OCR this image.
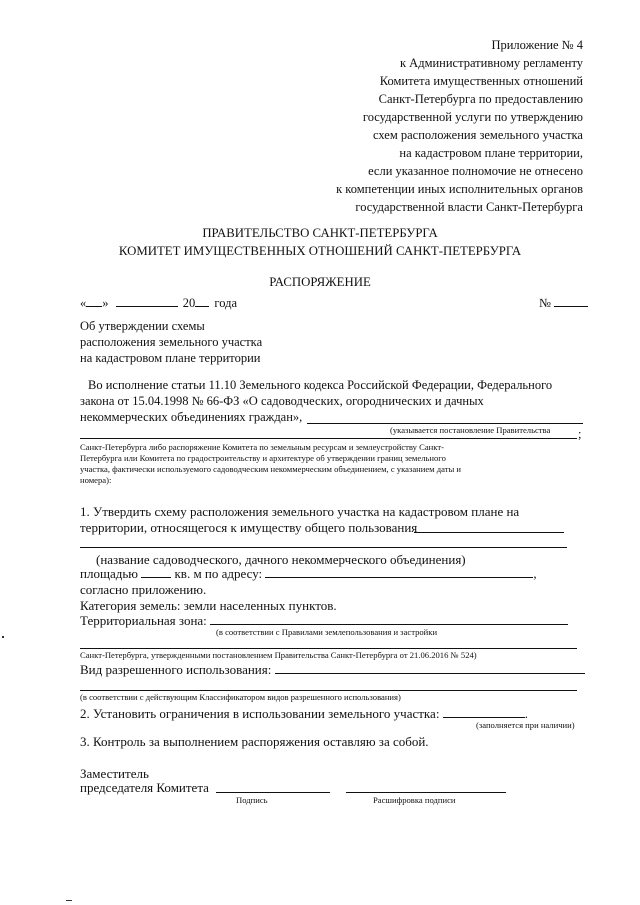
Приложение № 4
к Административному регламенту
Комитета имущественных отношений
Санкт-Петербурга по предоставлению
государственной услуги по утверждению
схем расположения земельного участка
на кадастровом плане территории,
если указанное полномочие не отнесено
к компетенции иных исполнительных органов
государственной власти Санкт-Петербурга
ПРАВИТЕЛЬСТВО САНКТ-ПЕТЕРБУРГА
КОМИТЕТ ИМУЩЕСТВЕННЫХ ОТНОШЕНИЙ САНКТ-ПЕТЕРБУРГА
РАСПОРЯЖЕНИЕ
« »	20 года	№
Об утверждении схемы
расположения земельного участка
на кадастровом плане территории
Во исполнение статьи 11.10 Земельного кодекса Российской Федерации, Федерального
закона от 15.04.1998 № 66-ФЗ «О садоводческих, огороднических и дачных
некоммерческих объединениях граждан»,
(указывается постановление Правительства ;
Санкт-Петербурга либо распоряжение Комитета по земельным ресурсам и землеустройству Санкт-
Петербурга или Комитета по градостроительству и архитектуре об утверждении границ земельного
участка, фактически используемого садоводческим некоммерческим объединением, с указанием даты и
номера):
1. Утвердить схему расположения земельного участка на кадастровом плане на
территории, относящегося к имуществу общего пользования
(название садоводческого, дачного некоммерческого объединения)
площадью	кв. м по адресу:	,
согласно приложению.
Категория земель: земли населенных пунктов.
Территориальная зона:
(в соответствии с Правилами землепользования и застройки
Санкт-Петербурга, утвержденными постановлением Правительства Санкт-Петербурга от 21.06.2016 № 524)
Вид разрешенного использования:
(в соответствии с действующим Классификатором видов разрешенного использования)
2. Установить ограничения в использовании земельного участка:	.
(заполняется при наличии)
3. Контроль за выполнением распоряжения оставляю за собой.
Заместитель
председателя Комитета
Подпись	Расшифровка подписи
